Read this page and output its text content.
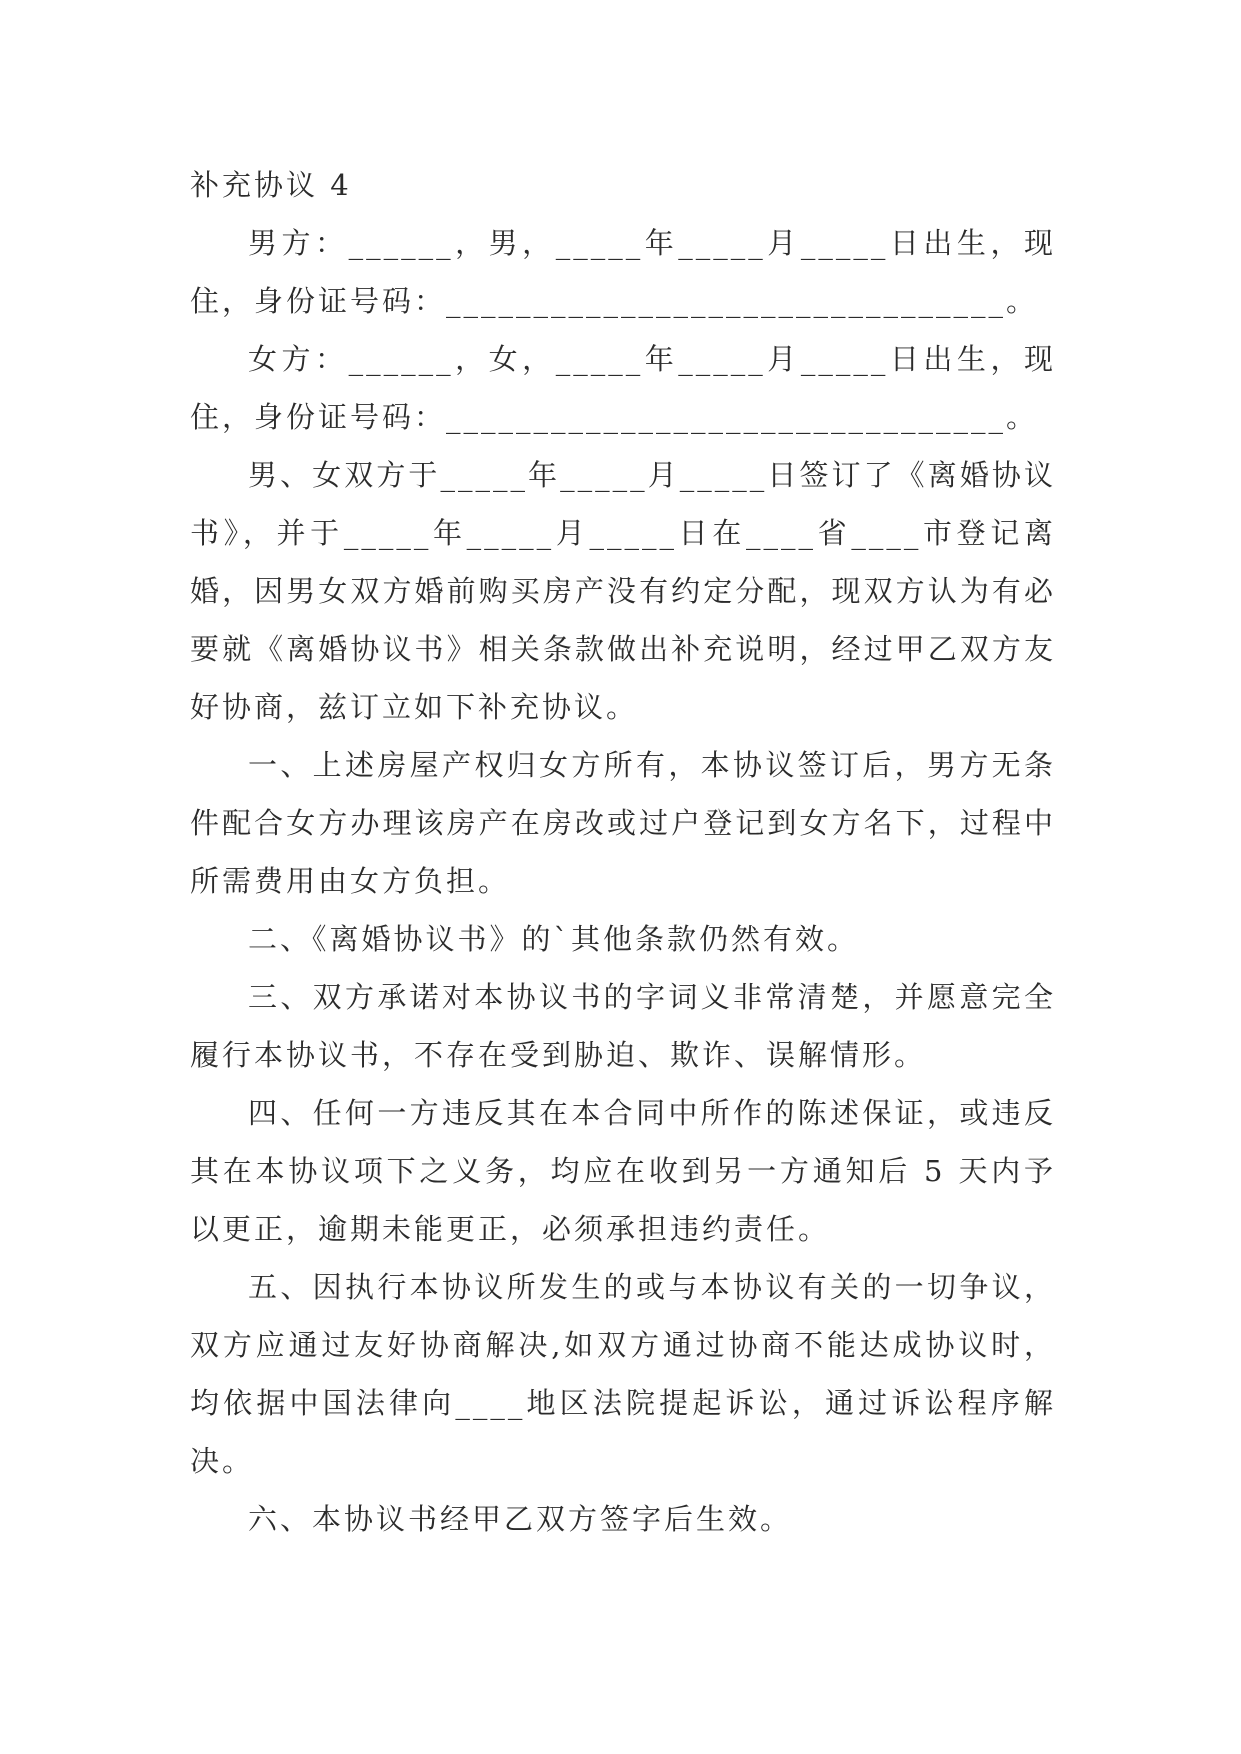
补充协议 4

男方：______，男，_____年_____月_____日出生，现住，身份证号码：________________________________。

女方：______，女，_____年_____月_____日出生，现住，身份证号码：________________________________。

男、女双方于_____年_____月_____日签订了《离婚协议书》，并于_____年_____月_____日在____省____市登记离婚，因男女双方婚前购买房产没有约定分配，现双方认为有必要就《离婚协议书》相关条款做出补充说明，经过甲乙双方友好协商，兹订立如下补充协议。

一、上述房屋产权归女方所有，本协议签订后，男方无条件配合女方办理该房产在房改或过户登记到女方名下，过程中所需费用由女方负担。

二、《离婚协议书》的`其他条款仍然有效。

三、双方承诺对本协议书的字词义非常清楚，并愿意完全履行本协议书，不存在受到胁迫、欺诈、误解情形。

四、任何一方违反其在本合同中所作的陈述保证，或违反其在本协议项下之义务，均应在收到另一方通知后 5 天内予以更正，逾期未能更正，必须承担违约责任。

五、因执行本协议所发生的或与本协议有关的一切争议，双方应通过友好协商解决,如双方通过协商不能达成协议时，均依据中国法律向____地区法院提起诉讼，通过诉讼程序解决。

六、本协议书经甲乙双方签字后生效。
